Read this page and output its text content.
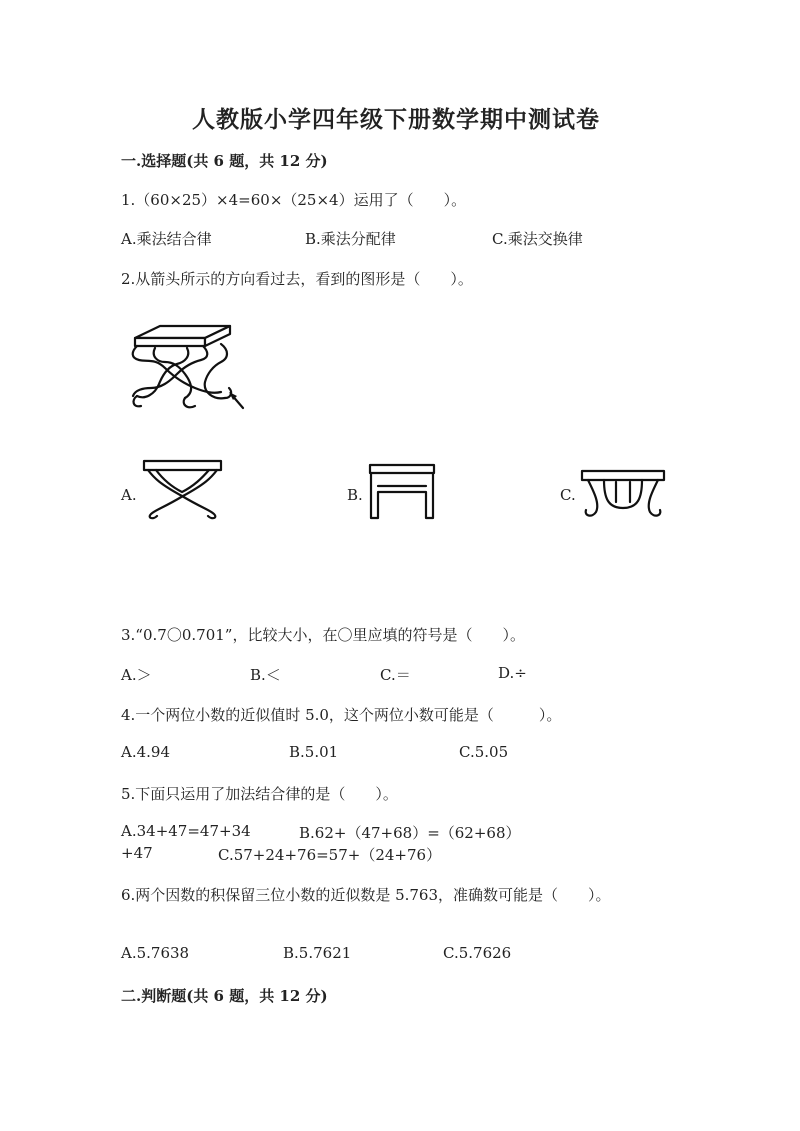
人教版小学四年级下册数学期中测试卷
一.选择题(共 6 题，共 12 分)
1.（60×25）×4=60×（25×4）运用了（　　）。
A.乘法结合律	B.乘法分配律	C.乘法交换律
2.从箭头所示的方向看过去，看到的图形是（　　）。
A.	B.	C.
3.“0.7〇0.701”，比较大小，在〇里应填的符号是（　　）。
A.＞	B.＜	C.＝	D.÷
4.一个两位小数的近似值时 5.0，这个两位小数可能是（　　　）。
A.4.94	B.5.01	C.5.05
5.下面只运用了加法结合律的是（　　）。
A.34+47=47+34	B.62+（47+68）=（62+68）
+47	C.57+24+76=57+（24+76）
6.两个因数的积保留三位小数的近似数是 5.763，准确数可能是（　　）。
A.5.7638	B.5.7621	C.5.7626
二.判断题(共 6 题，共 12 分)
